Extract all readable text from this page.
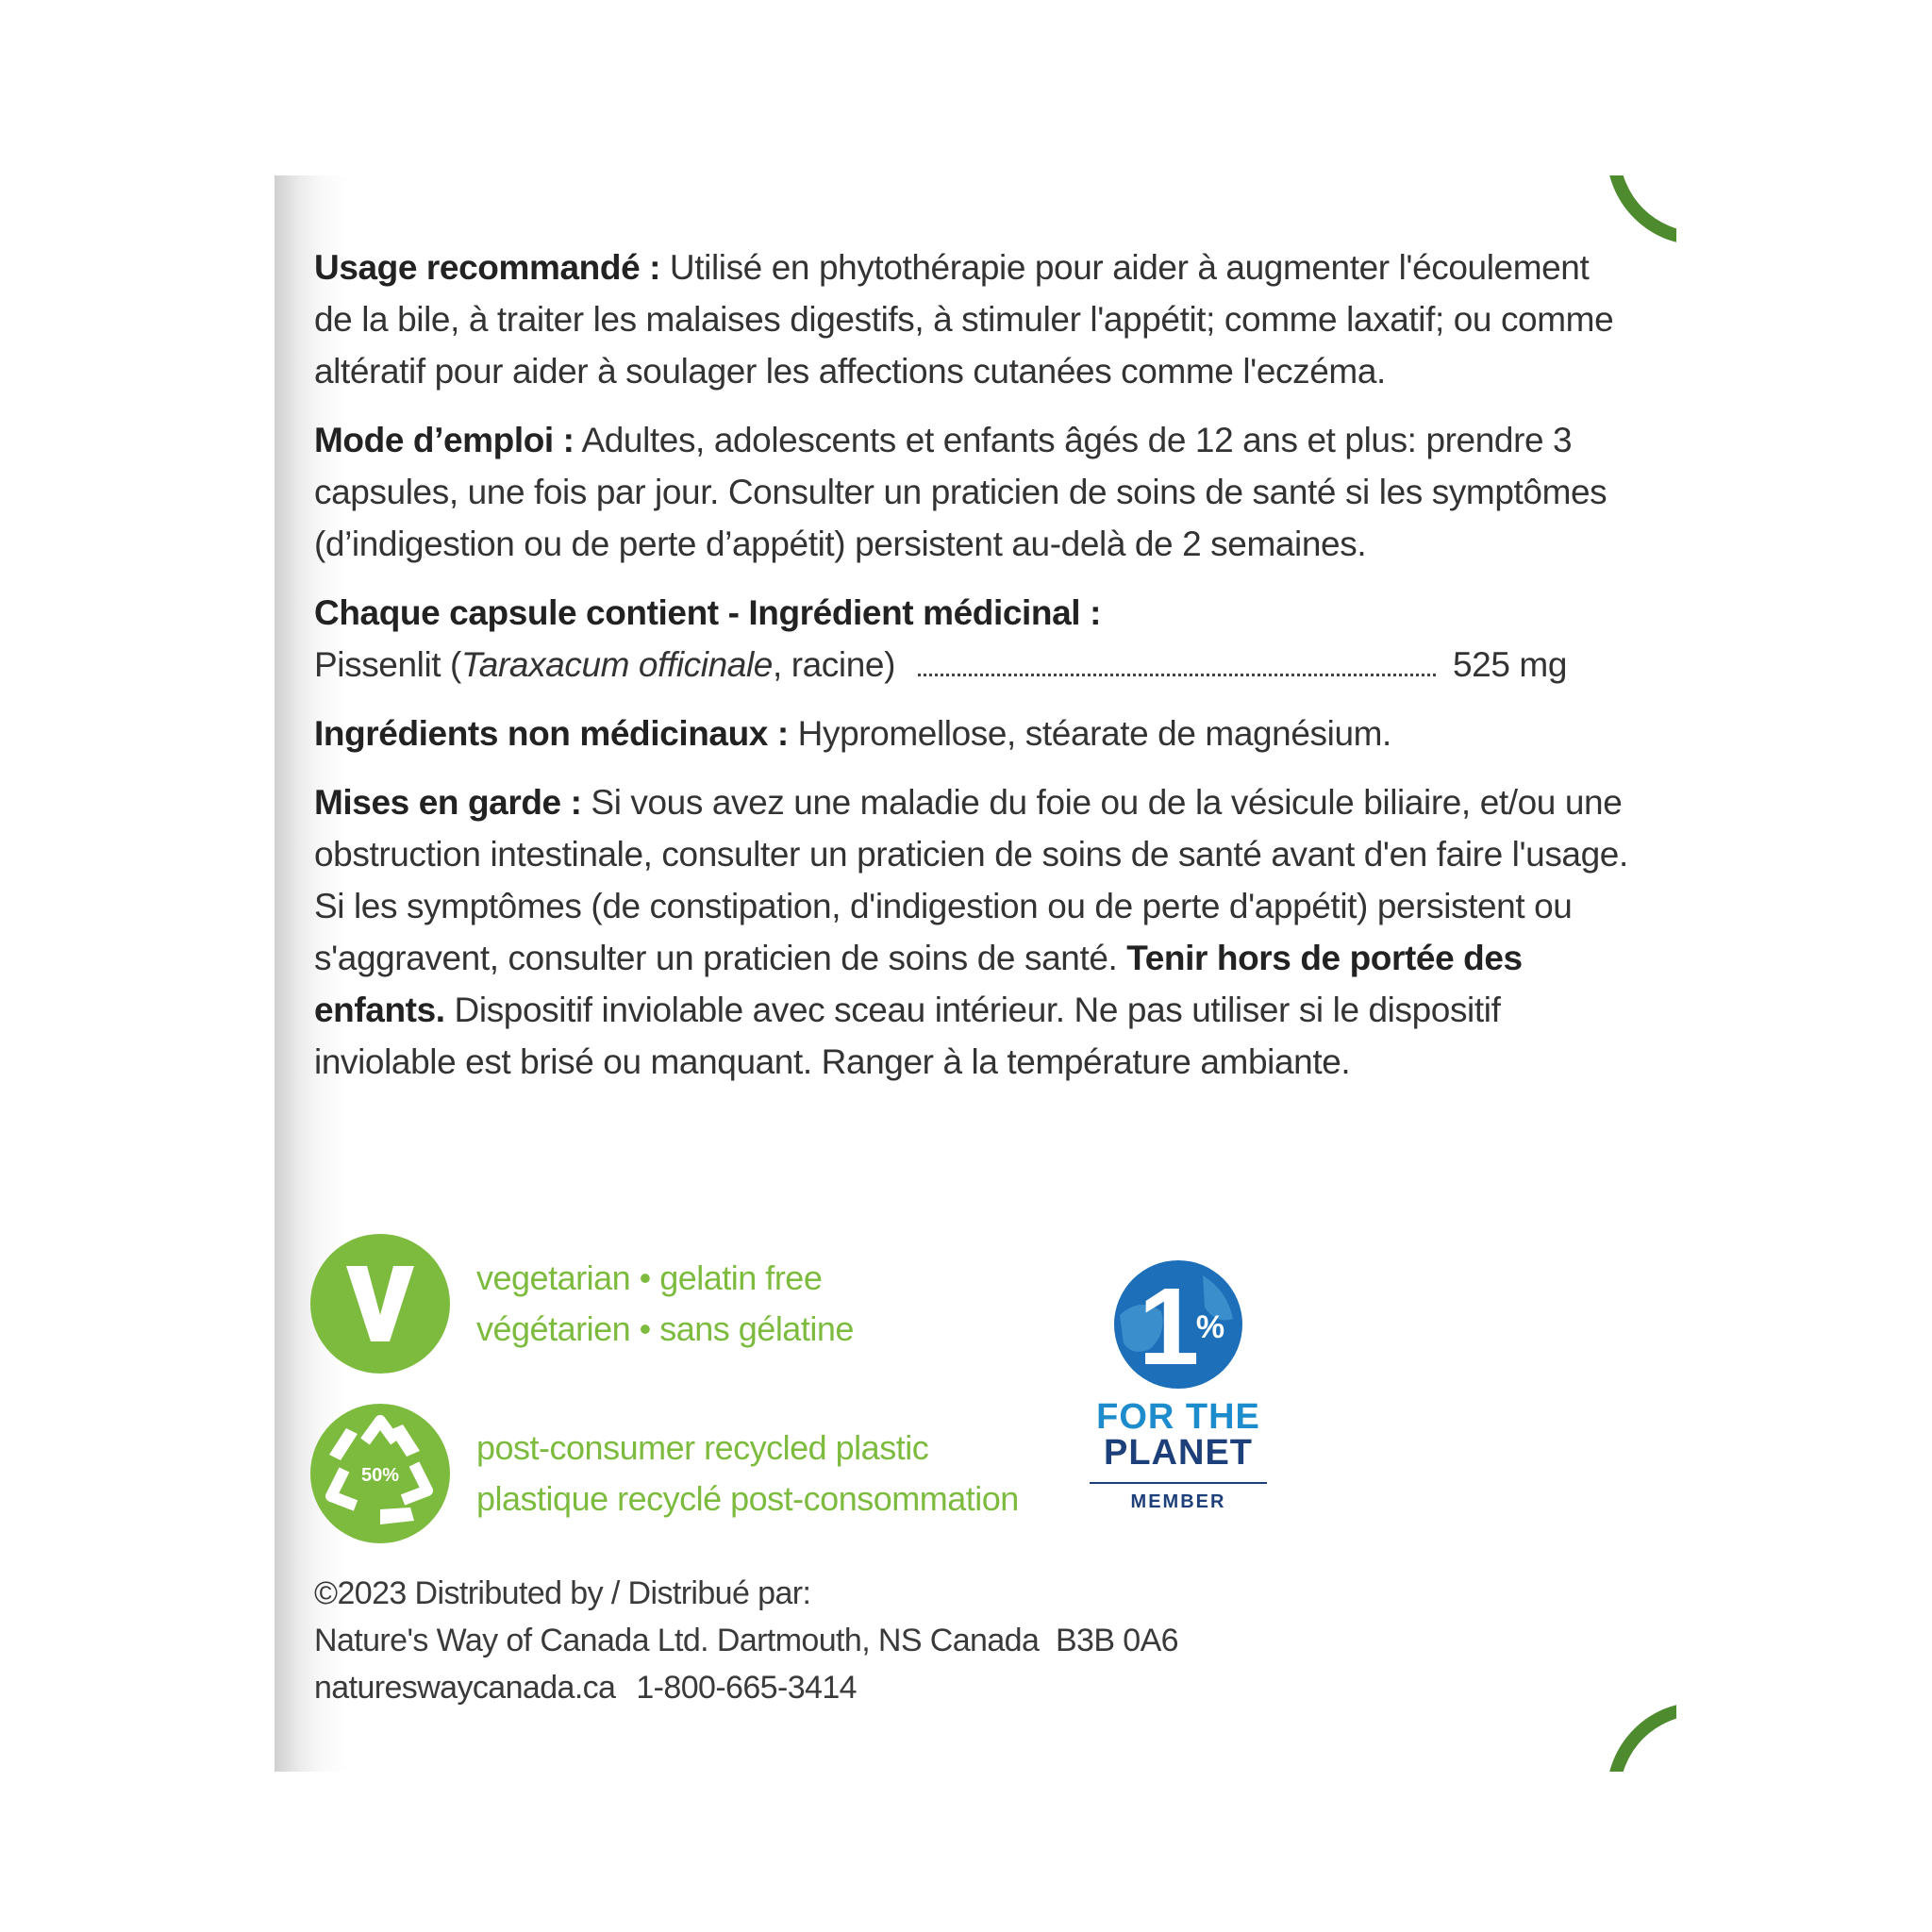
Usage recommandé : Utilisé en phytothérapie pour aider à augmenter l'écoulement de la bile, à traiter les malaises digestifs, à stimuler l'appétit; comme laxatif; ou comme altératif pour aider à soulager les affections cutanées comme l'eczéma.

Mode d’emploi : Adultes, adolescents et enfants âgés de 12 ans et plus: prendre 3 capsules, une fois par jour. Consulter un praticien de soins de santé si les symptômes (d’indigestion ou de perte d’appétit) persistent au-delà de 2 semaines.

Chaque capsule contient - Ingrédient médicinal :

Pissenlit (Taraxacum officinale, racine)	525 mg

Ingrédients non médicinaux : Hypromellose, stéarate de magnésium.

Mises en garde : Si vous avez une maladie du foie ou de la vésicule biliaire, et/ou une obstruction intestinale, consulter un praticien de soins de santé avant d'en faire l'usage. Si les symptômes (de constipation, d'indigestion ou de perte d'appétit) persistent ou s'aggravent, consulter un praticien de soins de santé. Tenir hors de portée des enfants. Dispositif inviolable avec sceau intérieur. Ne pas utiliser si le dispositif inviolable est brisé ou manquant. Ranger à la température ambiante.

vegetarian • gelatin free
végétarien • sans gélatine
50%
post-consumer recycled plastic
plastique recyclé post-consommation
1
%
FOR THE
PLANET
MEMBER
©2023 Distributed by / Distribué par:
Nature's Way of Canada Ltd. Dartmouth, NS Canada  B3B 0A6
natureswaycanada.ca 1-800-665-3414
